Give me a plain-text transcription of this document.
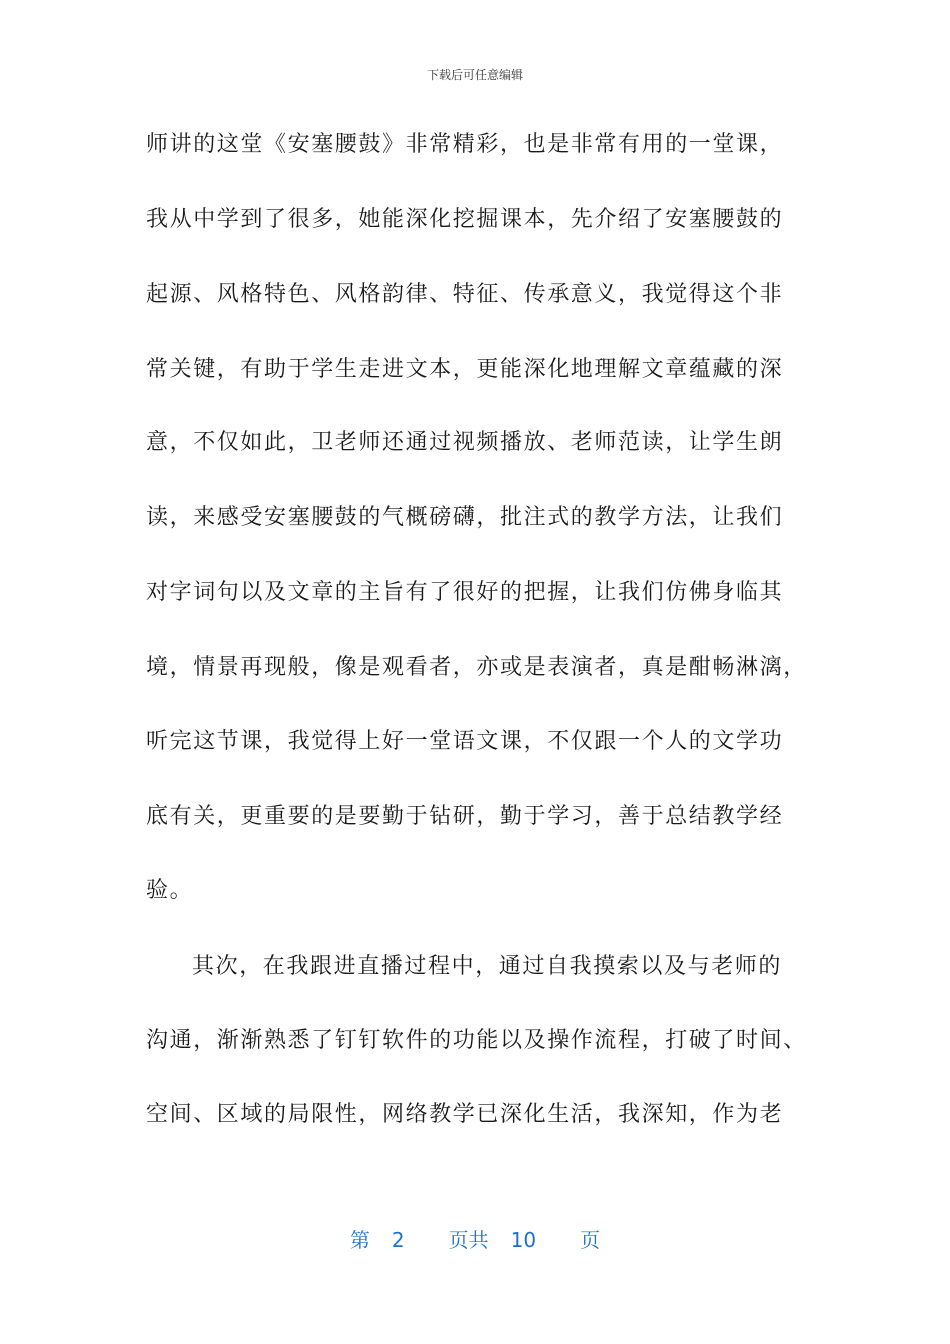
下载后可任意编辑
师讲的这堂《安塞腰鼓》非常精彩，也是非常有用的一堂课，
我从中学到了很多，她能深化挖掘课本，先介绍了安塞腰鼓的
起源、风格特色、风格韵律、特征、传承意义，我觉得这个非
常关键，有助于学生走进文本，更能深化地理解文章蕴藏的深
意，不仅如此，卫老师还通过视频播放、老师范读，让学生朗
读，来感受安塞腰鼓的气概磅礴，批注式的教学方法，让我们
对字词句以及文章的主旨有了很好的把握，让我们仿佛身临其
境，情景再现般，像是观看者，亦或是表演者，真是酣畅淋漓，
听完这节课，我觉得上好一堂语文课，不仅跟一个人的文学功
底有关，更重要的是要勤于钻研，勤于学习，善于总结教学经
验。
其次，在我跟进直播过程中，通过自我摸索以及与老师的
沟通，渐渐熟悉了钉钉软件的功能以及操作流程，打破了时间、
空间、区域的局限性，网络教学已深化生活，我深知，作为老
第 2 页共 10 页
